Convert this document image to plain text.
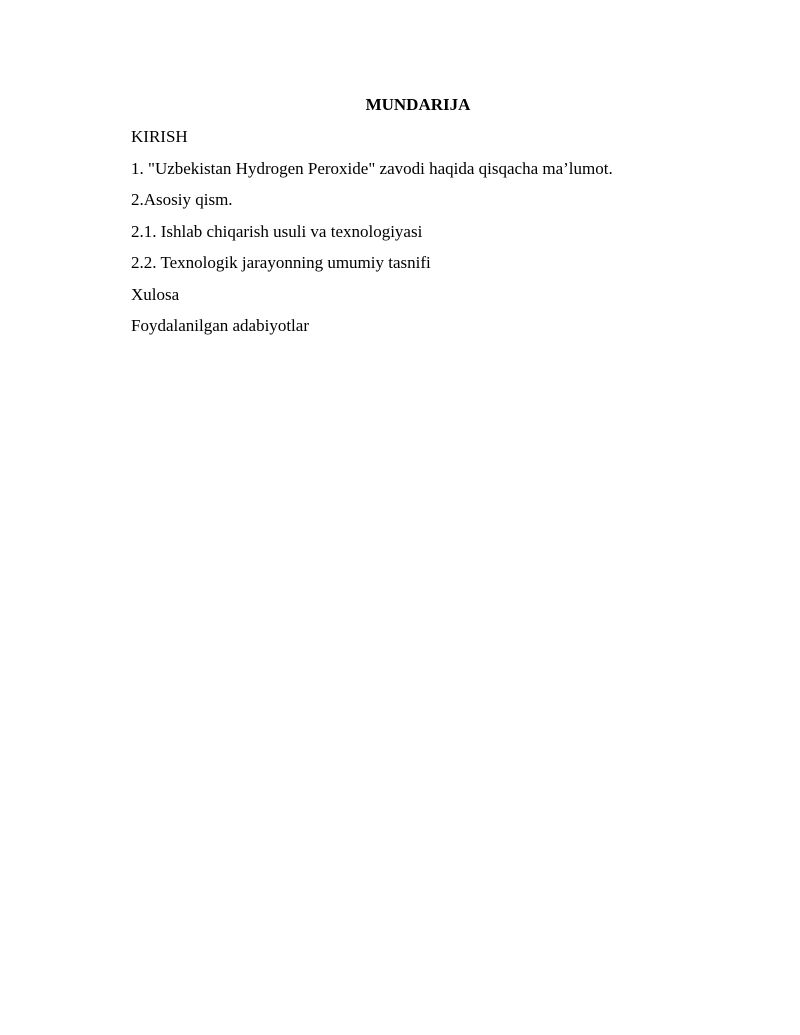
MUNDARIJA
KIRISH
1. "Uzbekistan Hydrogen Peroxide" zavodi haqida qisqacha ma’lumot.
2.Asosiy qism.
2.1. Ishlab chiqarish usuli va texnologiyasi
2.2. Texnologik jarayonning umumiy tasnifi
Xulosa
Foydalanilgan adabiyotlar
